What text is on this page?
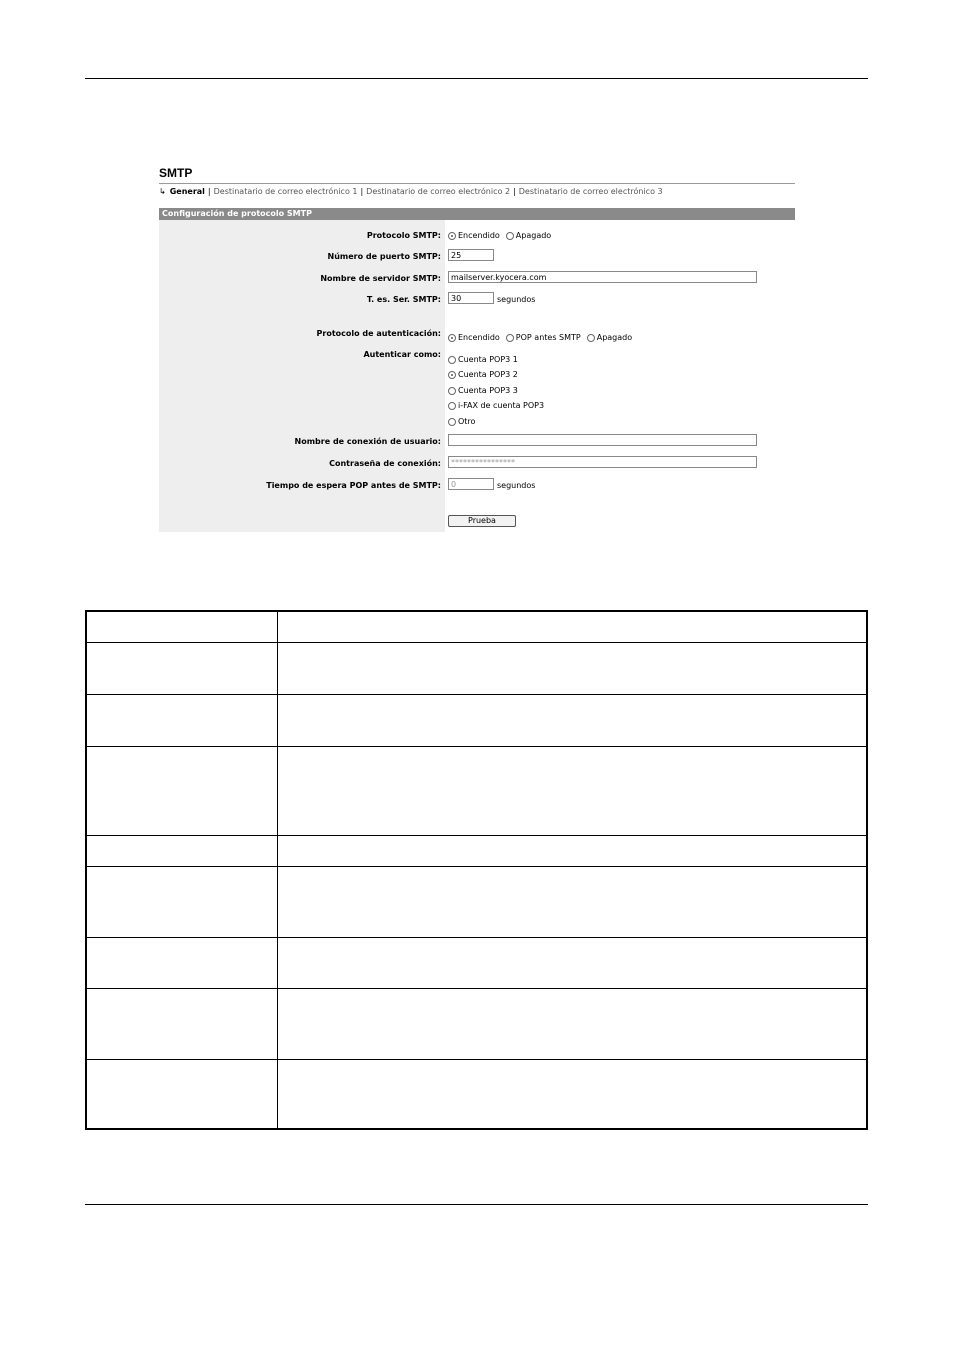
SMTP
↳ General | Destinatario de correo electrónico 1 | Destinatario de correo electrónico 2 | Destinatario de correo electrónico 3
Configuración de protocolo SMTP
Protocolo SMTP: Encendido Apagado
Número de puerto SMTP:	25
Nombre de servidor SMTP:	mailserver.kyocera.com
T. es. Ser. SMTP:	30	segundos
Protocolo de autenticación: Encendido POP antes SMTP Apagado
Autenticar como:
Cuenta POP3 1
Cuenta POP3 2
Cuenta POP3 3
i-FAX de cuenta POP3
Otro
Nombre de conexión de usuario:
Contraseña de conexión:	****************
Tiempo de espera POP antes de SMTP:	0	segundos
Prueba
